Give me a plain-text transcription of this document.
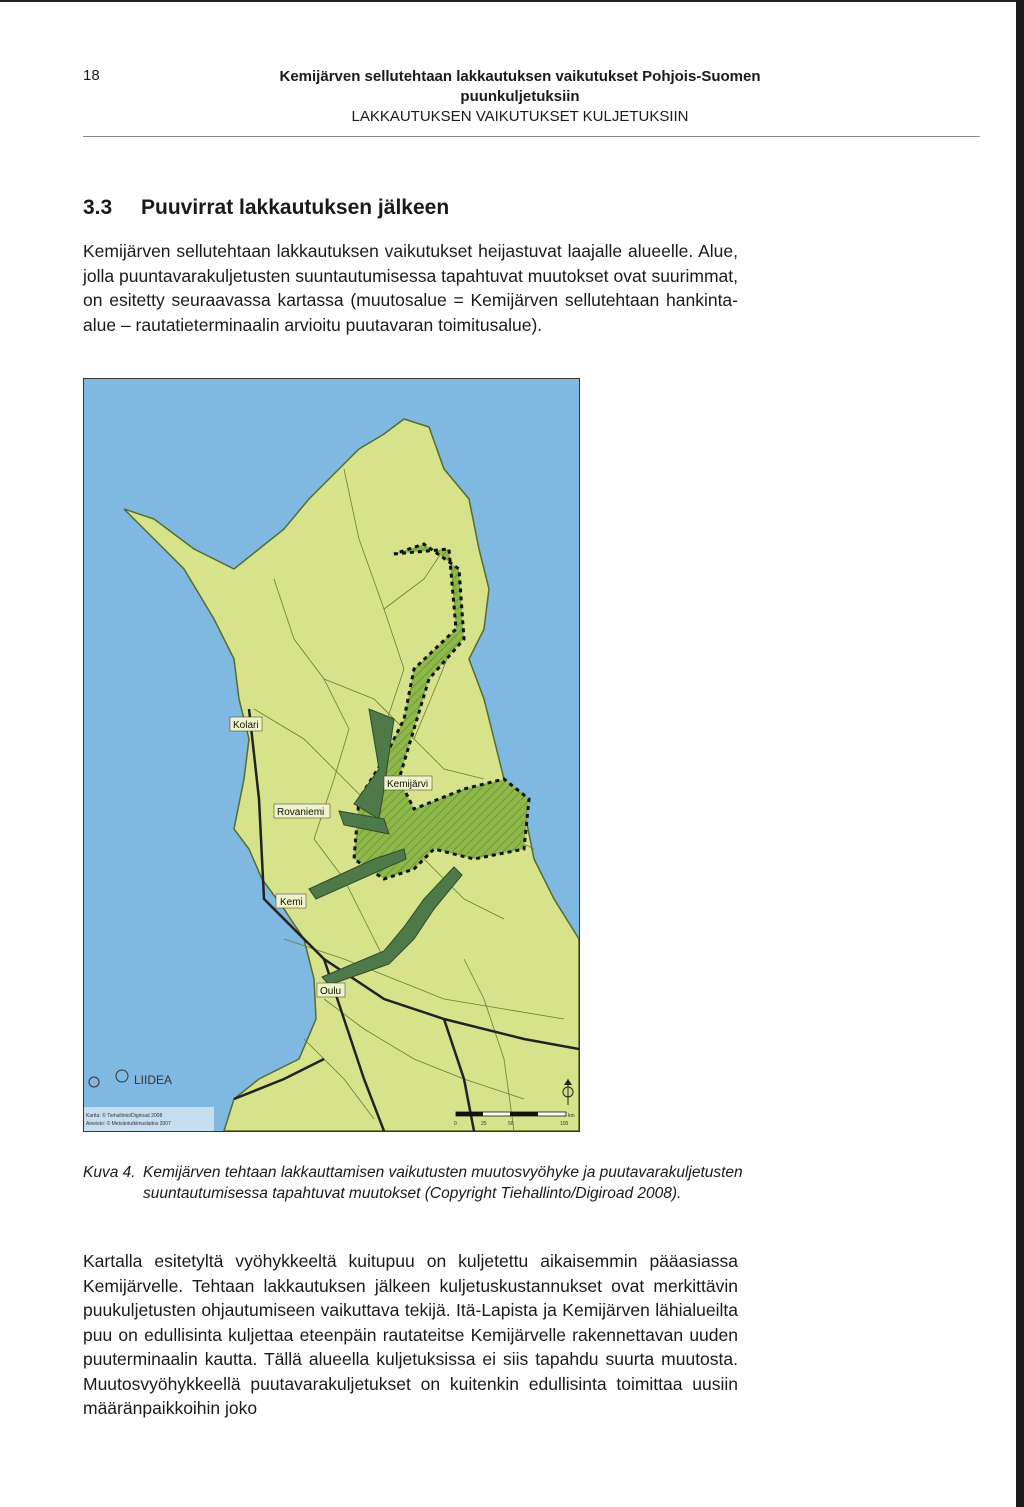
18	Kemijärven sellutehtaan lakkautuksen vaikutukset Pohjois-Suomen
puunkuljetuksiin
LAKKAUTUKSEN VAIKUTUKSET KULJETUKSIIN
3.3 Puuvirrat lakkautuksen jälkeen
Kemijärven sellutehtaan lakkautuksen vaikutukset heijastuvat laajalle alueelle. Alue, jolla puuntavarakuljetusten suuntautumisessa tapahtuvat muutokset ovat suurimmat, on esitetty seuraavassa kartassa (muutosalue = Kemijärven sellutehtaan hankinta-alue – rautatieterminaalin arvioitu puutavaran toimitusalue).
Kolari
Kemijärvi
Rovaniemi
Kemi
Oulu
LIIDEA
Kartta: © Tiehallinto/Digiroad 2008
Aineisto: © Metsäntutkimuslaitos 2007	0	25	50	100
km
Kuva 4. Kemijärven tehtaan lakkauttamisen vaikutusten muutosvyöhyke ja puutavarakuljetusten suuntautumisessa tapahtuvat muutokset (Copyright Tiehallinto/Digiroad 2008).
Kartalla esitetyltä vyöhykkeeltä kuitupuu on kuljetettu aikaisemmin pääasiassa Kemijärvelle. Tehtaan lakkautuksen jälkeen kuljetuskustannukset ovat merkittävin puukuljetusten ohjautumiseen vaikuttava tekijä. Itä-Lapista ja Kemijärven lähialueilta puu on edullisinta kuljettaa eteenpäin rautateitse Kemijärvelle rakennettavan uuden puuterminaalin kautta. Tällä alueella kuljetuksissa ei siis tapahdu suurta muutosta. Muutosvyöhykkeellä puutavarakuljetukset on kuitenkin edullisinta toimittaa uusiin määränpaikkoihin joko
